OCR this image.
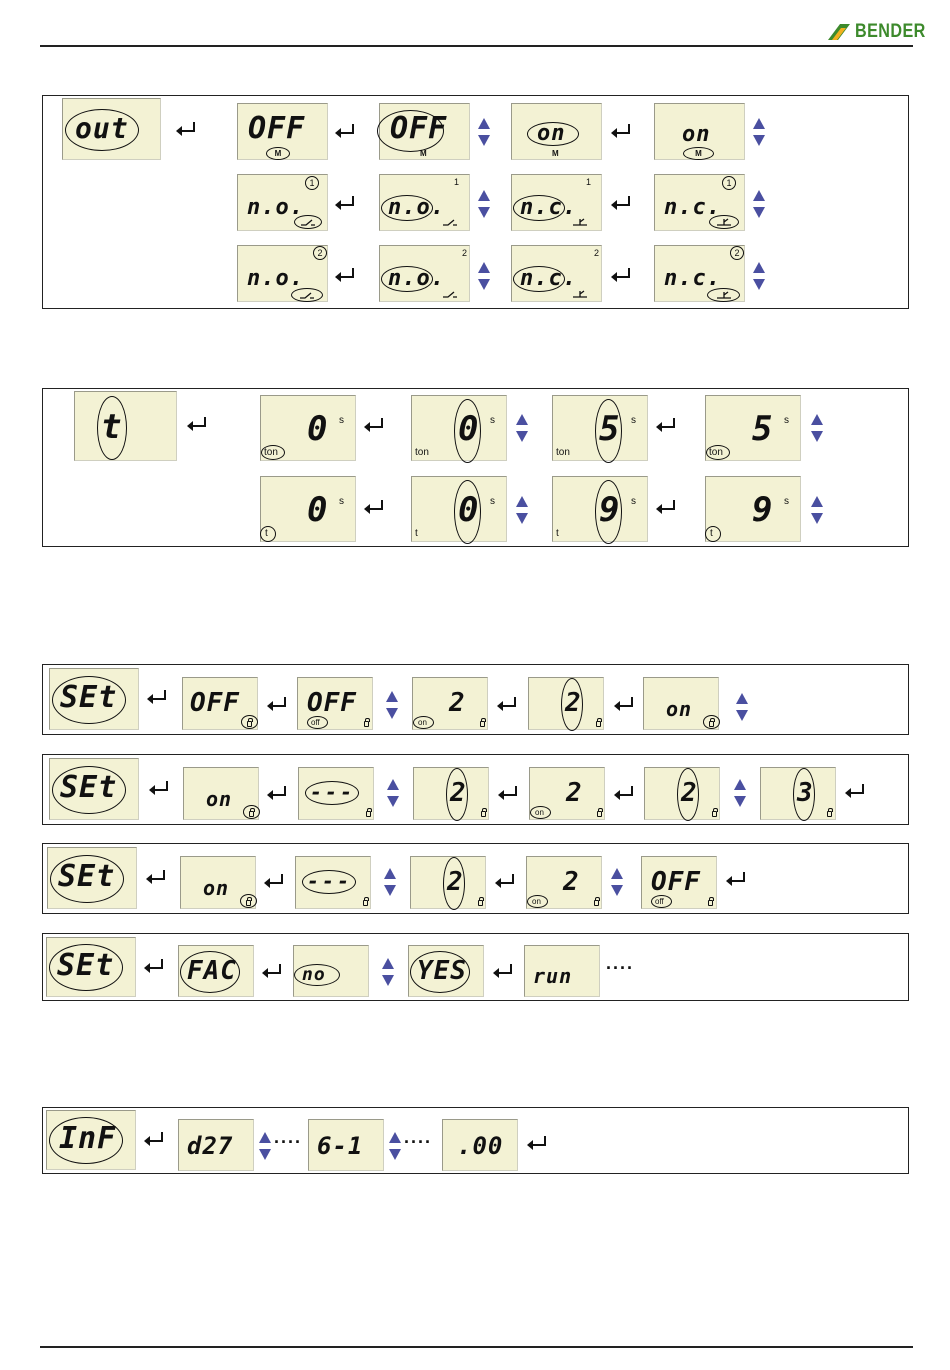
BENDER
out	OFF
M
OFF
M
on
M
on
M
n.o.
1
n.o.
1
n.c.
1
n.c.
1
n.o.
2
n.o.
2
n.c.
2
n.c.
2
t	0 s
ton
0 s
ton
5 s
ton
5 s
ton
0 s
t
0 s
t
9 s
t
9 s
t
SEt	OFF	OFF
off
2
on
2	on
SEt	on	---	2	2
on
2	3
SEt	on	---	2	2
on
OFF
off
SEt	FAC	no	YES	run
....
InF	d27 .... 6-1 .... .00
